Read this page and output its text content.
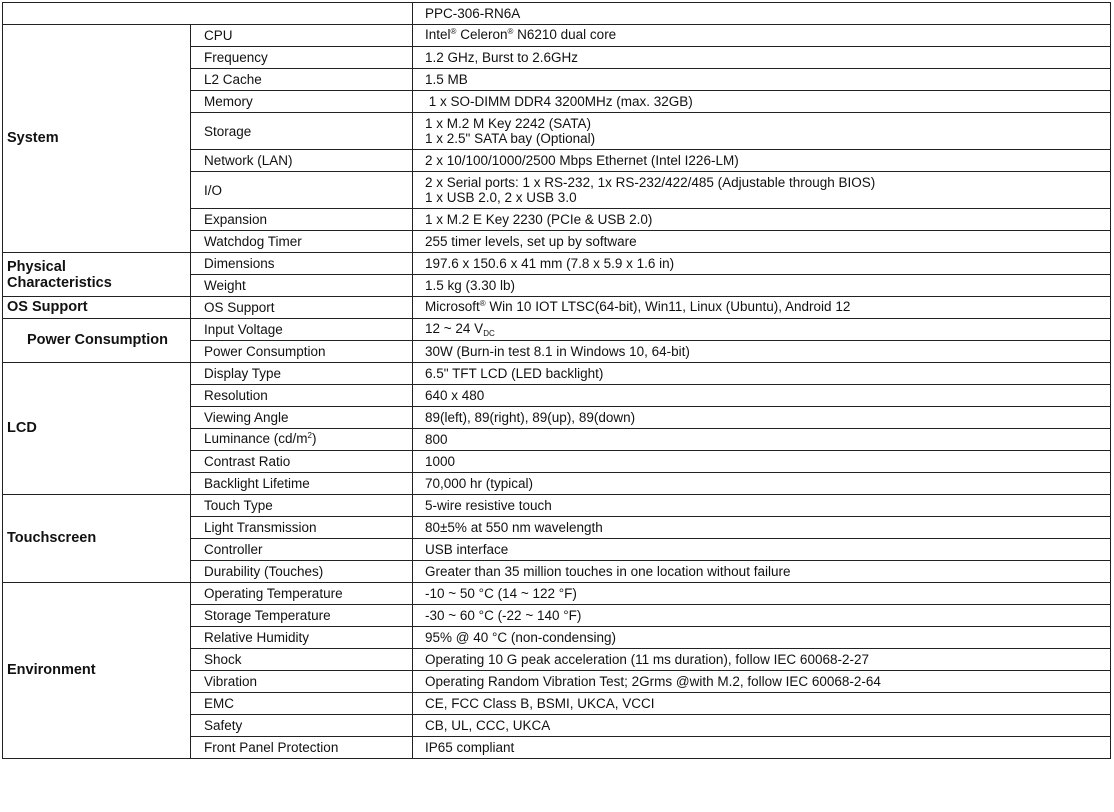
		PPC-306-RN6A
System	CPU	Intel® Celeron® N6210 dual core
	Frequency	1.2 GHz, Burst to 2.6GHz
	L2 Cache	1.5 MB
	Memory	1 x SO-DIMM DDR4 3200MHz (max. 32GB)
	Storage	1 x M.2 M Key 2242 (SATA)
1 x 2.5" SATA bay (Optional)

	Network (LAN)	2 x 10/100/1000/2500 Mbps Ethernet (Intel I226-LM)
	I/O	2 x Serial ports: 1 x RS-232, 1x RS-232/422/485 (Adjustable through BIOS)
1 x USB 2.0, 2 x USB 3.0

	Expansion	1 x M.2 E Key 2230 (PCIe & USB 2.0)
	Watchdog Timer	255 timer levels, set up by software

Physical
Characteristics	Dimensions	197.6 x 150.6 x 41 mm (7.8 x 5.9 x 1.6 in)
	Weight	1.5 kg (3.30 lb)
OS Support	OS Support	Microsoft® Win 10 IOT LTSC(64-bit), Win11, Linux (Ubuntu), Android 12
Power Consumption	Input Voltage	12 ~ 24 $V_{DC}$
	Power Consumption	30W (Burn-in test 8.1 in Windows 10, 64-bit)
LCD	Display Type	6.5" TFT LCD (LED backlight)
	Resolution	640 x 480
	Viewing Angle	89(left), 89(right), 89(up), 89(down)
	Luminance $(cd/m^2)$	800
	Contrast Ratio	1000
	Backlight Lifetime	70,000 hr (typical)
Touchscreen	Touch Type	5-wire resistive touch
	Light Transmission	80±5% at 550 nm wavelength
	Controller	USB interface
	Durability (Touches)	Greater than 35 million touches in one location without failure
Environment	Operating Temperature	-10 ~ 50 °C (14 ~ 122 °F)
	Storage Temperature	-30 ~ 60 °C (-22 ~ 140 °F)
	Relative Humidity	95% @ 40 °C (non-condensing)
	Shock	Operating 10 G peak acceleration (11 ms duration), follow IEC 60068-2-27
	Vibration	Operating Random Vibration Test; 2Grms @with M.2, follow IEC 60068-2-64
	EMC	CE, FCC Class B, BSMI, UKCA, VCCI
	Safety	CB, UL, CCC, UKCA
	Front Panel Protection	IP65 compliant
